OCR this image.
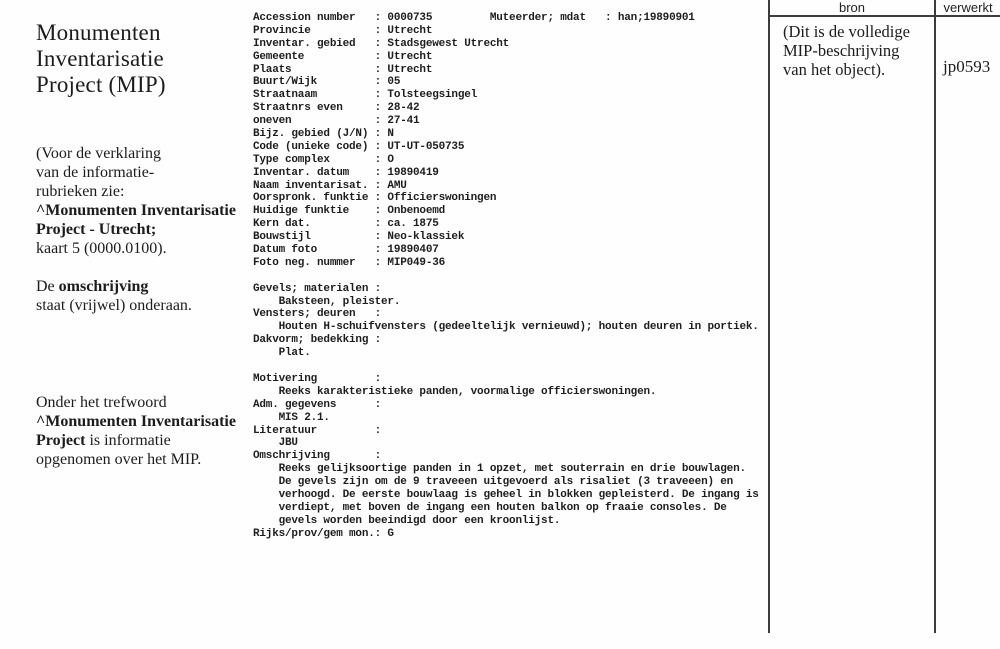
Monumenten
Inventarisatie
Project (MIP)
(Voor de verklaring
van de informatie-
rubrieken zie:
^Monumenten Inventarisatie
Project - Utrecht;
kaart 5 (0000.0100).
De omschrijving
staat (vrijwel) onderaan.
Onder het trefwoord
^Monumenten Inventarisatie
Project is informatie
opgenomen over het MIP.
Accession number   : 0000735         Muteerder; mdat   : han;19890901
Provincie          : Utrecht
Inventar. gebied   : Stadsgewest Utrecht
Gemeente           : Utrecht
Plaats             : Utrecht
Buurt/Wijk         : 05
Straatnaam         : Tolsteegsingel
Straatnrs even     : 28-42
oneven             : 27-41
Bijz. gebied (J/N) : N
Code (unieke code) : UT-UT-050735
Type complex       : O
Inventar. datum    : 19890419
Naam inventarisat. : AMU
Oorspronk. funktie : Officierswoningen
Huidige funktie    : Onbenoemd
Kern dat.          : ca. 1875
Bouwstijl          : Neo-klassiek
Datum foto         : 19890407
Foto neg. nummer   : MIP049-36
Gevels; materialen :
Baksteen, pleister.
Vensters; deuren   :
Houten H-schuifvensters (gedeeltelijk vernieuwd); houten deuren in portiek.
Dakvorm; bedekking :
Plat.
Motivering         :
Reeks karakteristieke panden, voormalige officierswoningen.
Adm. gegevens      :
MIS 2.1.
Literatuur         :
JBU
Omschrijving       :
Reeks gelijksoortige panden in 1 opzet, met souterrain en drie bouwlagen.
De gevels zijn om de 9 traveeen uitgevoerd als risaliet (3 traveeen) en
verhoogd. De eerste bouwlaag is geheel in blokken gepleisterd. De ingang is
verdiept, met boven de ingang een houten balkon op fraaie consoles. De
gevels worden beeindigd door een kroonlijst.
Rijks/prov/gem mon.: G
bron	verwerkt
(Dit is de volledige
MIP-beschrijving
van het object).	jp0593
